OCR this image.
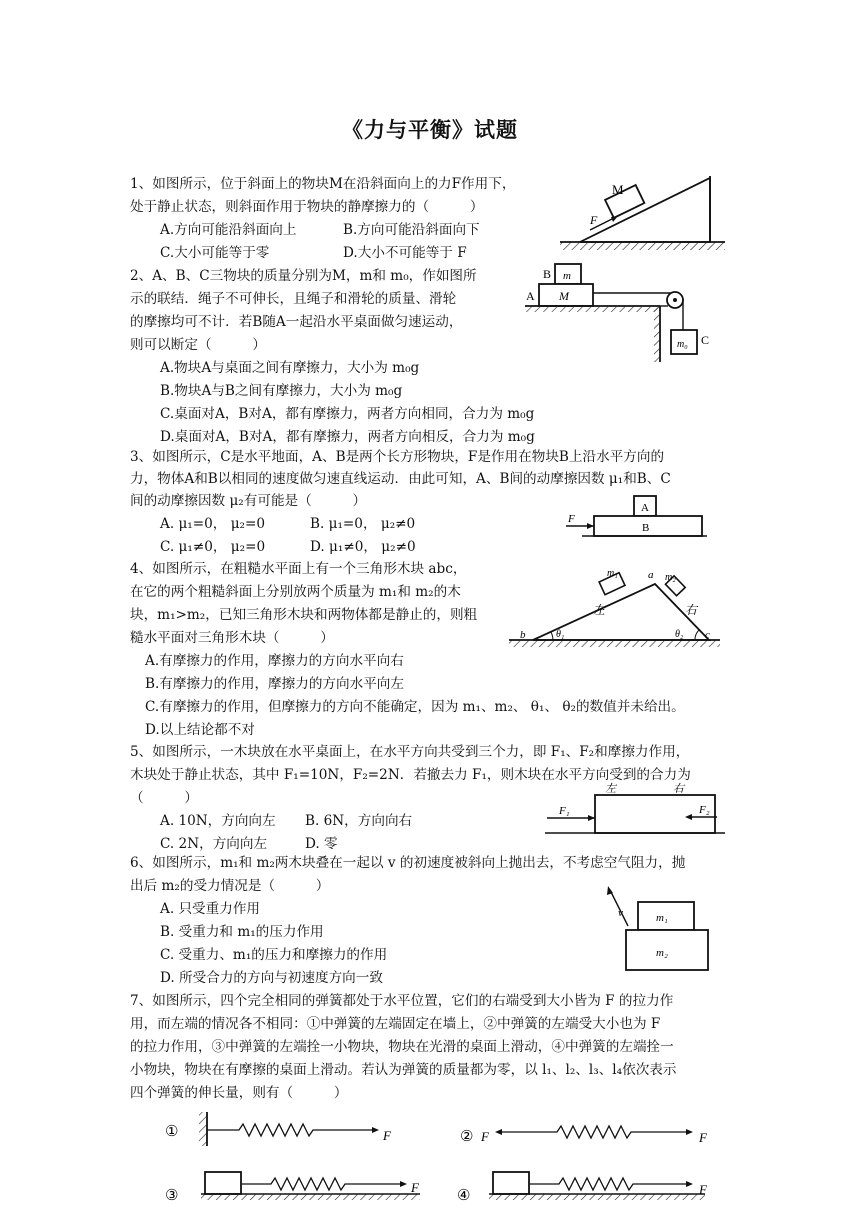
《力与平衡》试题
1、如图所示，位于斜面上的物块M在沿斜面向上的力F作用下，
处于静止状态，则斜面作用于物块的静摩擦力的（　　　）
A.方向可能沿斜面向上	B.方向可能沿斜面向下
C.大小可能等于零	D.大小不可能等于 F
M
F
2、A、B、C三物块的质量分别为M，m和 m₀，作如图所
示的联结．绳子不可伸长，且绳子和滑轮的质量、滑轮
的摩擦均可不计．若B随A一起沿水平桌面做匀速运动，
则可以断定（　　　）
A.物块A与桌面之间有摩擦力，大小为 m₀g
B.物块A与B之间有摩擦力，大小为 m₀g
C.桌面对A，B对A，都有摩擦力，两者方向相同，合力为 m₀g
D.桌面对A，B对A，都有摩擦力，两者方向相反，合力为 m₀g
B m
A M
m₀ C
3、如图所示，C是水平地面，A、B是两个长方形物块，F是作用在物块B上沿水平方向的
力，物体A和B以相同的速度做匀速直线运动．由此可知，A、B间的动摩擦因数 μ₁和B、C
间的动摩擦因数 μ₂有可能是（　　　）
A. μ₁=0， μ₂=0	B. μ₁=0， μ₂≠0
C. μ₁≠0， μ₂=0	D. μ₁≠0， μ₂≠0
A
B
F
4、如图所示，在粗糙水平面上有一个三角形木块 abc，
在它的两个粗糙斜面上分别放两个质量为 m₁和 m₂的木
块，m₁>m₂，已知三角形木块和两物体都是静止的，则粗
糙水平面对三角形木块（　　　）
A.有摩擦力的作用，摩擦力的方向水平向右
B.有摩擦力的作用，摩擦力的方向水平向左
C.有摩擦力的作用，但摩擦力的方向不能确定，因为 m₁、m₂、 θ₁、 θ₂的数值并未给出。
D.以上结论都不对
m₁	a m₂
左	右
b	θ₁	θ₂ c
5、如图所示，一木块放在水平桌面上，在水平方向共受到三个力，即 F₁、F₂和摩擦力作用，
木块处于静止状态，其中 F₁=10N，F₂=2N．若撤去力 F₁，则木块在水平方向受到的合力为
（　　　）
A. 10N，方向向左 B. 6N，方向向右
C. 2N，方向向左	D. 零
左	右
F₁	F₂
6、如图所示，m₁和 m₂两木块叠在一起以 v 的初速度被斜向上抛出去，不考虑空气阻力，抛
出后 m₂的受力情况是（　　　）
A. 只受重力作用
B. 受重力和 m₁的压力作用
C. 受重力、m₁的压力和摩擦力的作用
D. 所受合力的方向与初速度方向一致
v	m₁
m₂
7、如图所示，四个完全相同的弹簧都处于水平位置，它们的右端受到大小皆为 F 的拉力作
用，而左端的情况各不相同：①中弹簧的左端固定在墙上，②中弹簧的左端受大小也为 F
的拉力作用，③中弹簧的左端拴一小物块，物块在光滑的桌面上滑动，④中弹簧的左端拴一
小物块，物块在有摩擦的桌面上滑动。若认为弹簧的质量都为零，以 l₁、l₂、l₃、l₄依次表示
四个弹簧的伸长量，则有（　　　）
①	F	② F	F
③
F
④	F
